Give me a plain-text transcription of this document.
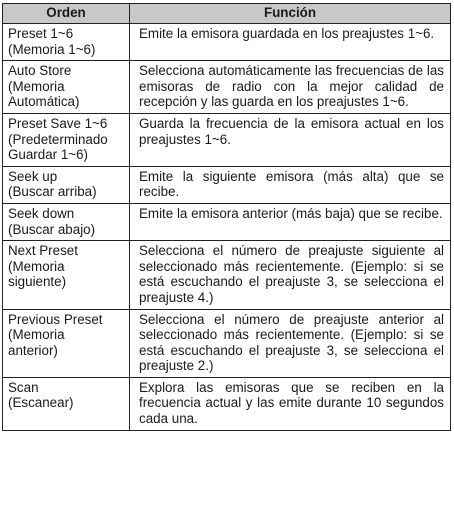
Orden	Función
Preset 1~6
(Memoria 1~6)	Emite la emisora guardada en los preajustes 1~6.
Auto Store
(Memoria
Automática)	Selecciona automáticamente las frecuencias de las emisoras de radio con la mejor calidad de recepción y las guarda en los preajustes 1~6.
Preset Save 1~6
(Predeterminado
Guardar 1~6)	Guarda la frecuencia de la emisora actual en los preajustes 1~6.
Seek up
(Buscar arriba)	Emite la siguiente emisora (más alta) que se recibe.
Seek down
(Buscar abajo)	Emite la emisora anterior (más baja) que se recibe.
Next Preset
(Memoria
siguiente)	Selecciona el número de preajuste siguiente al seleccionado más recientemente. (Ejemplo: si se está escuchando el preajuste 3, se selecciona el preajuste 4.)
Previous Preset
(Memoria
anterior)	Selecciona el número de preajuste anterior al seleccionado más recientemente. (Ejemplo: si se está escuchando el preajuste 3, se selecciona el preajuste 2.)
Scan
(Escanear)	Explora las emisoras que se reciben en la frecuencia actual y las emite durante 10 segundos cada una.
